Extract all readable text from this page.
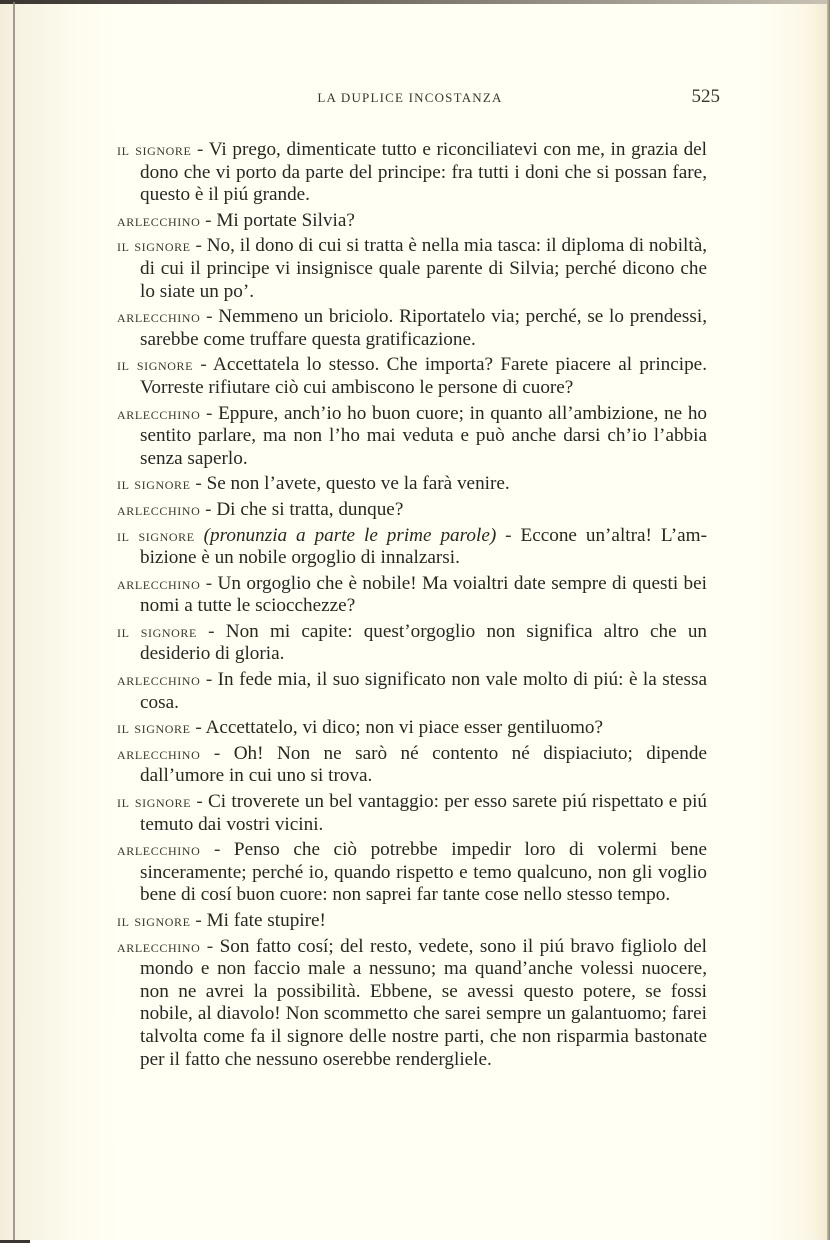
LA DUPLICE INCOSTANZA	525

il signore - Vi prego, dimenticate tutto e riconciliatevi con me, in grazia del dono che vi porto da parte del principe: fra tutti i doni che si possan fare, questo è il piú grande.

arlecchino - Mi portate Silvia?

il signore - No, il dono di cui si tratta è nella mia tasca: il diploma di nobiltà, di cui il principe vi insignisce quale parente di Silvia; perché dicono che lo siate un po’.

arlecchino - Nemmeno un briciolo. Riportatelo via; perché, se lo prendessi, sarebbe come truffare questa gratificazione.

il signore - Accettatela lo stesso. Che importa? Farete piacere al principe. Vorreste rifiutare ciò cui ambiscono le persone di cuore?

arlecchino - Eppure, anch’io ho buon cuore; in quanto all’ambizione, ne ho sentito parlare, ma non l’ho mai veduta e può anche darsi ch’io l’abbia senza saperlo.

il signore - Se non l’avete, questo ve la farà venire.

arlecchino - Di che si tratta, dunque?

il signore (pronunzia a parte le prime parole) - Eccone un’altra! L’ambizione è un nobile orgoglio di innalzarsi.

arlecchino - Un orgoglio che è nobile! Ma voialtri date sempre di questi bei nomi a tutte le sciocchezze?

il signore - Non mi capite: quest’orgoglio non significa altro che un desiderio di gloria.

arlecchino - In fede mia, il suo significato non vale molto di piú: è la stessa cosa.

il signore - Accettatelo, vi dico; non vi piace esser gentiluomo?

arlecchino - Oh! Non ne sarò né contento né dispiaciuto; dipende dall’umore in cui uno si trova.

il signore - Ci troverete un bel vantaggio: per esso sarete piú rispettato e piú temuto dai vostri vicini.

arlecchino - Penso che ciò potrebbe impedir loro di volermi bene sinceramente; perché io, quando rispetto e temo qualcuno, non gli voglio bene di cosí buon cuore: non saprei far tante cose nello stesso tempo.

il signore - Mi fate stupire!

arlecchino - Son fatto cosí; del resto, vedete, sono il piú bravo figliolo del mondo e non faccio male a nessuno; ma quand’anche volessi nuocere, non ne avrei la possibilità. Ebbene, se avessi questo potere, se fossi nobile, al diavolo! Non scommetto che sarei sempre un galantuomo; farei talvolta come fa il signore delle nostre parti, che non risparmia bastonate per il fatto che nessuno oserebbe rendergliele.
